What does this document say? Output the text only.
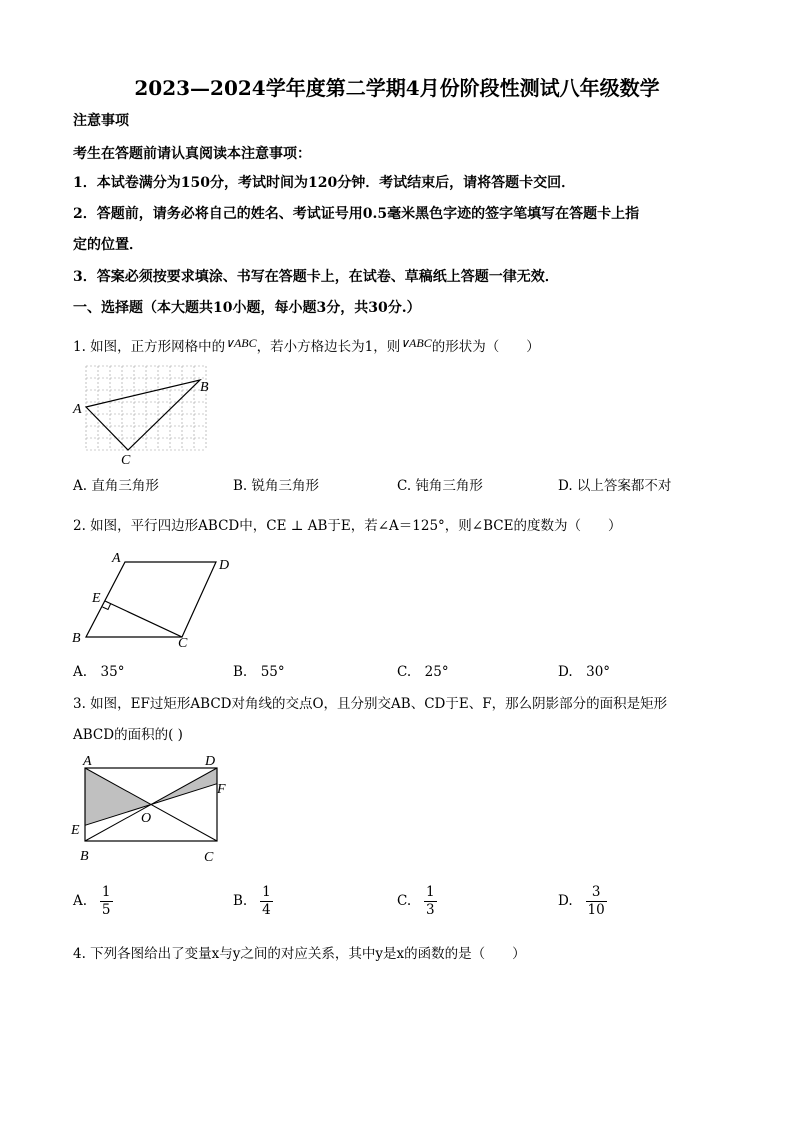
2023—2024学年度第二学期4月份阶段性测试八年级数学
注意事项
考生在答题前请认真阅读本注意事项：
1．本试卷满分为150分，考试时间为120分钟．考试结束后，请将答题卡交回．
2．答题前，请务必将自己的姓名、考试证号用0.5毫米黑色字迹的签字笔填写在答题卡上指
定的位置．
3．答案必须按要求填涂、书写在答题卡上，在试卷、草稿纸上答题一律无效．
一、选择题（本大题共10小题，每小题3分，共30分.）
1. 如图，正方形网格中的∨ABC，若小方格边长为1，则∨ABC的形状为（　　）
A
B
C
A. 直角三角形	B. 锐角三角形	C. 钝角三角形	D. 以上答案都不对
2. 如图，平行四边形ABCD中，CE ⊥ AB于E，若∠A＝125°，则∠BCE的度数为（　　）
A	D
E
B	C
A.　35°	B.　55°	C.　25°	D.　30°
3. 如图，EF过矩形ABCD对角线的交点O，且分别交AB、CD于E、F，那么阴影部分的面积是矩形
ABCD的面积的( )
A	D
F
O
E
B	C
A. $\frac{1}{5}$	B. $\frac{1}{4}$	C. $\frac{1}{3}$	D. $\frac{3}{10}$
4. 下列各图给出了变量x与y之间的对应关系，其中y是x的函数的是（　　）
